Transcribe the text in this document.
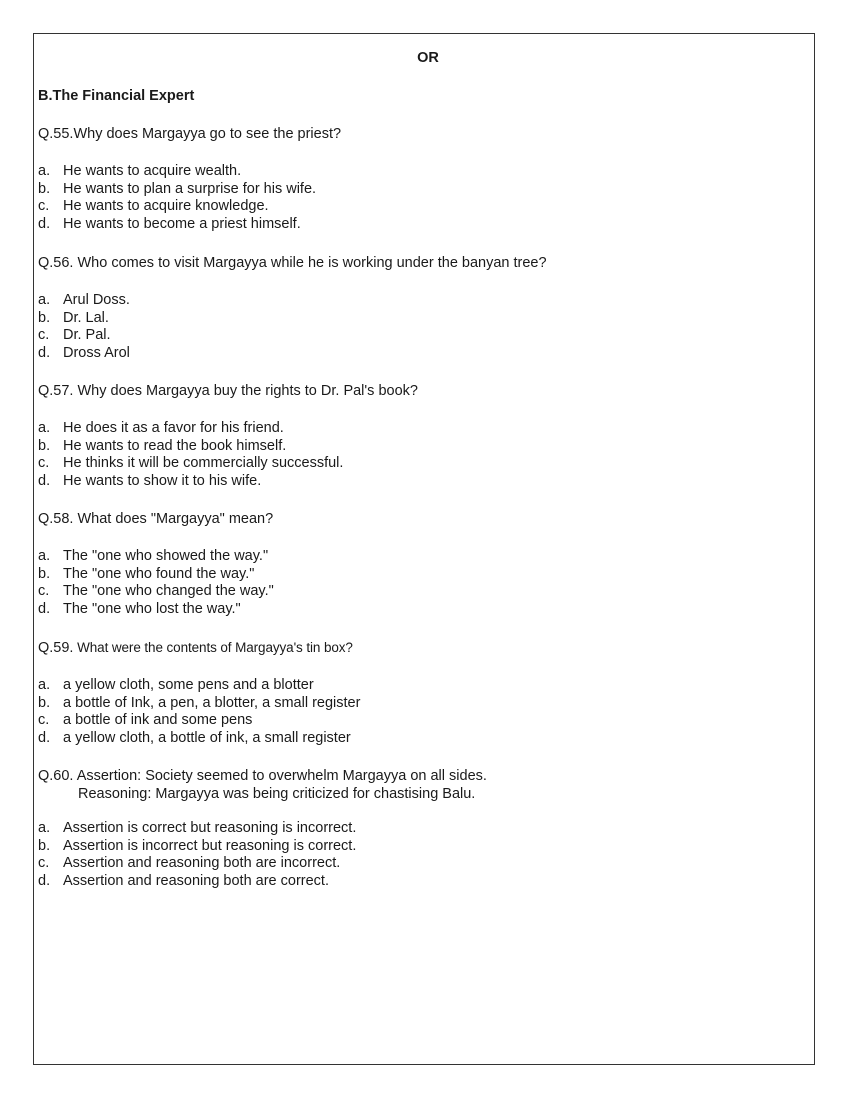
OR
B.The Financial Expert

Q.55.Why does Margayya go to see the priest?

a. He wants to acquire wealth.
b. He wants to plan a surprise for his wife.
c. He wants to acquire knowledge.
d. He wants to become a priest himself.

Q.56. Who comes to visit Margayya while he is working under the banyan tree?

a. Arul Doss.
b. Dr. Lal.
c. Dr. Pal.
d. Dross Arol

Q.57. Why does Margayya buy the rights to Dr. Pal's book?

a. He does it as a favor for his friend.
b. He wants to read the book himself.
c. He thinks it will be commercially successful.
d. He wants to show it to his wife.

Q.58. What does "Margayya" mean?

a. The "one who showed the way."
b. The "one who found the way."
c. The "one who changed the way."
d. The "one who lost the way."

Q.59. What were the contents of Margayya's tin box?

a. a yellow cloth, some pens and a blotter
b. a bottle of Ink, a pen, a blotter, a small register
c. a bottle of ink and some pens
d. a yellow cloth, a bottle of ink, a small register

Q.60. Assertion: Society seemed to overwhelm Margayya on all sides.

Reasoning: Margayya was being criticized for chastising Balu.

a. Assertion is correct but reasoning is incorrect.
b. Assertion is incorrect but reasoning is correct.
c. Assertion and reasoning both are incorrect.
d. Assertion and reasoning both are correct.
